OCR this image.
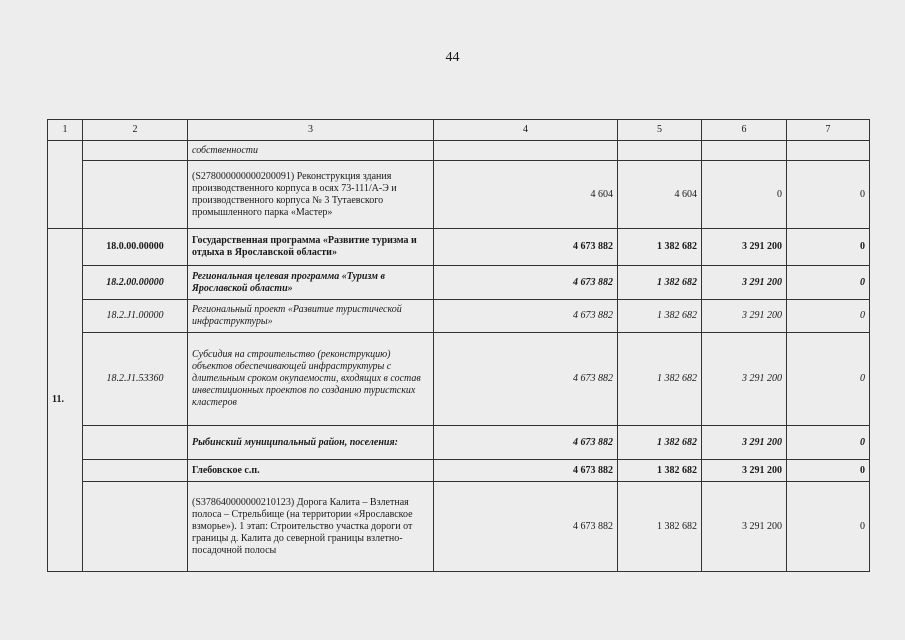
44
1	2	3	4	5	6	7
		собственности				
		(S278000000000200091) Реконструкция здания производственного корпуса в осях 73-111/А-Э и производственного корпуса № 3 Тутаевского промышленного парка «Мастер»	4 604	4 604	0	0
11.	18.0.00.00000	Государственная программа «Развитие туризма и отдыха в Ярославской области»	4 673 882	1 382 682	3 291 200	0
	18.2.00.00000	Региональная целевая программа «Туризм в Ярославской области»	4 673 882	1 382 682	3 291 200	0
	18.2.J1.00000	Региональный проект «Развитие туристической инфраструктуры»	4 673 882	1 382 682	3 291 200	0
	18.2.J1.53360	Субсидия на строительство (реконструкцию) объектов обеспечивающей инфраструктуры с длительным сроком окупаемости, входящих в состав инвестиционных проектов по созданию туристских кластеров	4 673 882	1 382 682	3 291 200	0
		Рыбинский муниципальный район, поселения:	4 673 882	1 382 682	3 291 200	0
		Глебовское с.п.	4 673 882	1 382 682	3 291 200	0
		(S378640000000210123) Дорога Калита – Взлетная полоса – Стрельбище (на территории «Ярославское взморье»). 1 этап: Строительство участка дороги от границы д. Калита до северной границы взлетно-посадочной полосы	4 673 882	1 382 682	3 291 200	0
